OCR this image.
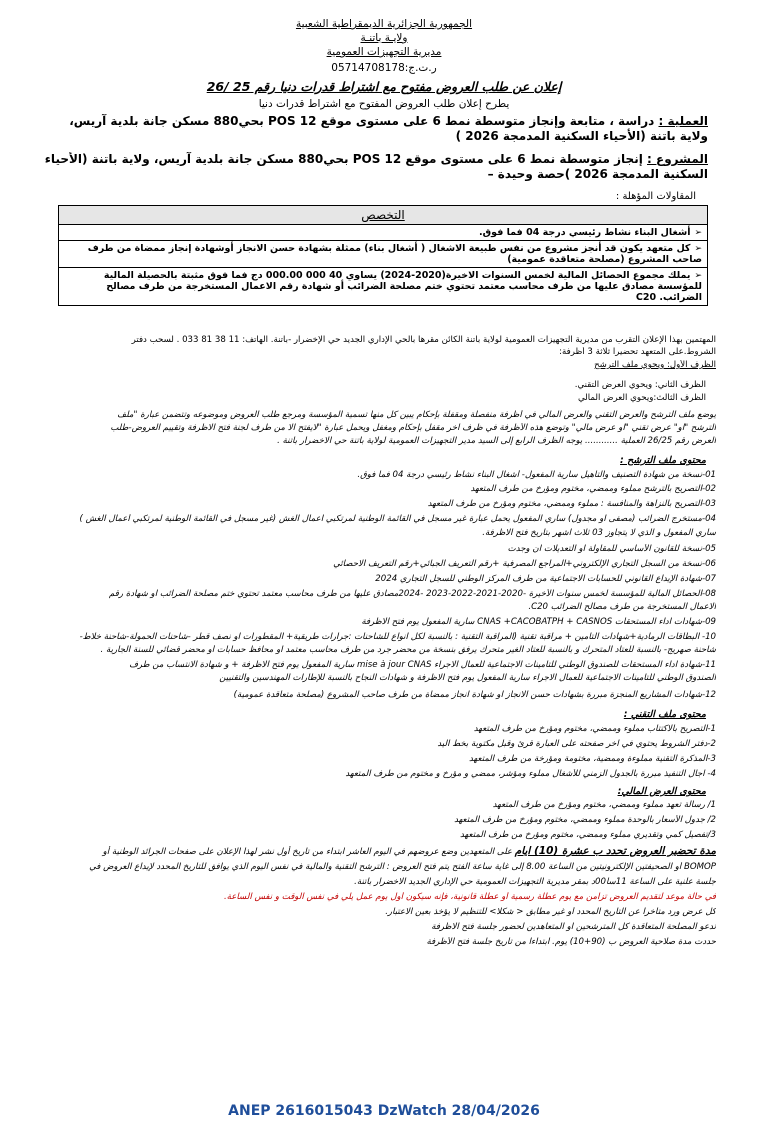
الجمهورية الجزائرية الديمقراطية الشعبية
ولايـة باتنـة
مديرية التجهيزات العمومية
ر.ت.ج:05714708178
إعلان عن طلب العروض مفتوح مع اشتراط قدرات دنيا رقم 25 /26
يطرح إعلان طلب العروض المفتوح مع اشتراط قدرات دنيا
العملية : دراسة ، متابعة وإنجاز متوسطة نمط 6 على مستوى موقع POS 12 بحي880 مسكن جانة بلدية آريس، ولاية باتنة (الأحياء السكنية المدمجة 2026 )
المشروع : إنجاز متوسطة نمط 6 على مستوى موقع POS 12 بحي880 مسكن جانة بلدية آريس، ولاية باتنة (الأحياء السكنية المدمجة 2026 )حصة وحيدة –
المقاولات المؤهلة :
التخصص
➢أشغال البناء نشاط رئيسي درجة 04 فما فوق.
➢كل متعهد يكون قد أنجز مشروع من نفس طبيعة الاشغال ( أشغال بناء) ممثلة بشهادة حسن الانجاز أوشهادة إنجاز ممضاة من طرف صاحب المشروع (مصلحة متعاقدة عمومية)
➢يملك مجموع الحصائل المالية لخمس السنوات الاخيرة(2020-2024) يساوي 40 000 000.00 دج فما فوق مثبتة بالحصيلة المالية للمؤسسة مصادق عليها من طرف محاسب معتمد تحتوي ختم مصلحة الضرائب أو شهادة رقم الاعمال المستخرجة من طرف مصالح الضرائب. C20
المهتمين بهذا الإعلان التقرب من مديرية التجهيزات العمومية لولاية باتنة الكائن مقرها بالحي الإداري الجديد حي الإخضرار -باتنة. الهاتف: 11 38 81 033 . لسحب دفتر
الشروط.على المتعهد تحضيرا ثلاثة 3 أظرفة:
الظرف الأول: ويحوي ملف الترشح
الظرف الثاني: ويحوي العرض التقني.
الظرف الثالث:ويحوي العرض المالي
يوضع ملف الترشح والعرض التقني والعرض المالي في أظرفة منفصلة ومقفلة بإحكام يبين كل منها تسمية المؤسسة ومرجع طلب العروض وموضوعه وتتضمن عبارة "ملف
الترشح "او" عرض تقني "او عرض مالي" وتوضع هذه الأظرفة في ظرف آخر مقفل بإحكام ومغفل ويحمل عبارة "لايفتح الا من طرف لجنة فتح الاظرفة وتقييم العروض-طلب
العرض رقم 26/25 العملية ............ يوجه الظرف الرابع إلى السيد مدير التجهيزات العمومية لولاية باتنة حي الاخضرار باتنة .
محتوى ملف الترشح :
01-نسخة من شهادة التصنيف والتأهيل سارية المفعول- أشغال البناء نشاط رئيسي درجة 04 فما فوق.
02-التصريح بالترشح مملوء وممضي، مختوم ومؤرخ من طرف المتعهد
03-التصريح بالنزاهة والمنافسة : مملوء وممضي، مختوم ومؤرخ من طرف المتعهد
04-مستخرج الضرائب (مصفى او مجدول) ساري المفعول يحمل عبارة غير مسجل في القائمة الوطنية لمرتكبي اعمال الغش (غير مسجل في القائمة الوطنية لمرتكبي أعمال الغش )
ساري المفعول و الذي لا يتجاوز 03 ثلاث اشهر بتاريخ فتح الاظرفة.
05-نسخة للقانون الأساسي للمقاولة او التعديلات ان وجدت
06-نسخة من السجل التجاري الإلكتروني+المراجع المصرفية +رقم التعريف الجبائي+رقم التعريف الاحصائي
07-شهادة الإيداع القانوني للحسابات الاجتماعية من طرف المركز الوطني للسجل التجاري 2024
08-الحصائل المالية للمؤسسة لخمس سنوات الأخيرة -2020-2021-2022-2023 -2024مصادق عليها من طرف محاسب معتمد تحتوي ختم مصلحة الضرائب او شهادة رقم
الاعمال المستخرجة من طرف مصالح الضرائب C20.
09-شهادات اداء المستحقات CNAS +CACOBATPH + CASNOS سارية المفعول يوم فتح الاظرفة
10- البطاقات الرمادية+شهادات التامين + مراقبة تقنية (المراقبة التقنية : بالنسبة لكل انواع للشاحنات :جرارات طريقية+ المقطورات او نصف قطر -شاحنات الحمولة-شاحنة خلاط-
شاحنة صهريج- بالنسبة للعتاد المتحرك و بالنسبة للعتاد الغير متحرك يرفق بنسخة من محضر جرد من طرف محاسب معتمد او محافظ حسابات أو محضر قضائي للسنة الجارية .
11-شهادة اداء المستحقات للصندوق الوطني للتامينات الاجتماعية للعمال الاجراء mise à jour CNAS سارية المفعول يوم فتح الاظرفة + و شهادة الانتساب من طرف
الصندوق الوطني للتامينات الاجتماعية للعمال الاجراء سارية المفعول يوم فتح الاظرفة و شهادات النجاح بالنسبة للإطارات المهندسين والتقنيين
12-شهادات المشاريع المنجزة مبررة بشهادات حسن الانجاز او شهادة انجاز ممضاة من طرف صاحب المشروع (مصلحة متعاقدة عمومية)
محتوى ملف التقني :
1-التصريح بالاكتتاب مملوء وممضي، مختوم ومؤرخ من طرف المتعهد
2-دفتر الشروط يحتوي في آخر صفحته على العبارة قرئ وقبل مكتوبة بخط اليد
3-المذكرة التقنية مملوءة وممضية، مختومة ومؤرخة من طرف المتعهد
4- آجال التنفيذ مبررة بالجدول الزمني للأشغال مملوء ومؤشر، ممضي و مؤرخ و مختوم من طرف المتعهد
محتوى العرض المالي:
1/ رسالة تعهد مملوء وممضي، مختوم ومؤرخ من طرف المتعهد
2/ جدول الأسعار بالوحدة مملوء وممضي، مختوم ومؤرخ من طرف المتعهد
3/تفصيل كمي وتقديري مملوء وممضي، مختوم ومؤرخ من طرف المتعهد
مدة تحضير العروض تحدد ب عشرة (10) أيام على المتعهدين وضع عروضهم في اليوم العاشر ابتداء من تاريخ أول نشر لهذا الإعلان على صفحات الجرائد الوطنية أو
BOMOP أو الصحيفتين الإلكترونيتين من الساعة 8.00 إلى غاية ساعة الفتح يتم فتح العروض : الترشح التقنية والمالية في نفس اليوم الذي يوافق للتاريخ المحدد لإيداع العروض في
جلسة علنية على الساعة 11سا00د بمقر مديرية التجهيزات العمومية حي الإداري الجديد الاخضرار باتنة.
في حالة موعد لتقديم العروض تزامن مع يوم عطلة رسمية أو عطلة قانونية، فإنه سيكون أول يوم عمل يلي في نفس الوقت و نفس الساعة.
كل عرض ورد متأخرا عن التاريخ المحدد أو غير مطابق < شكلا> للتنظيم لا يؤخذ بعين الاعتبار.
تدعو المصلحة المتعاقدة كل المترشحين او المتعاهدين لحضور جلسة فتح الاظرفة
حددت مدة صلاحية العروض ب (90+10) يوم. ابتداءا من تاريخ جلسة فتح الأظرفة
ANEP 2616015043 DzWatch 28/04/2026
